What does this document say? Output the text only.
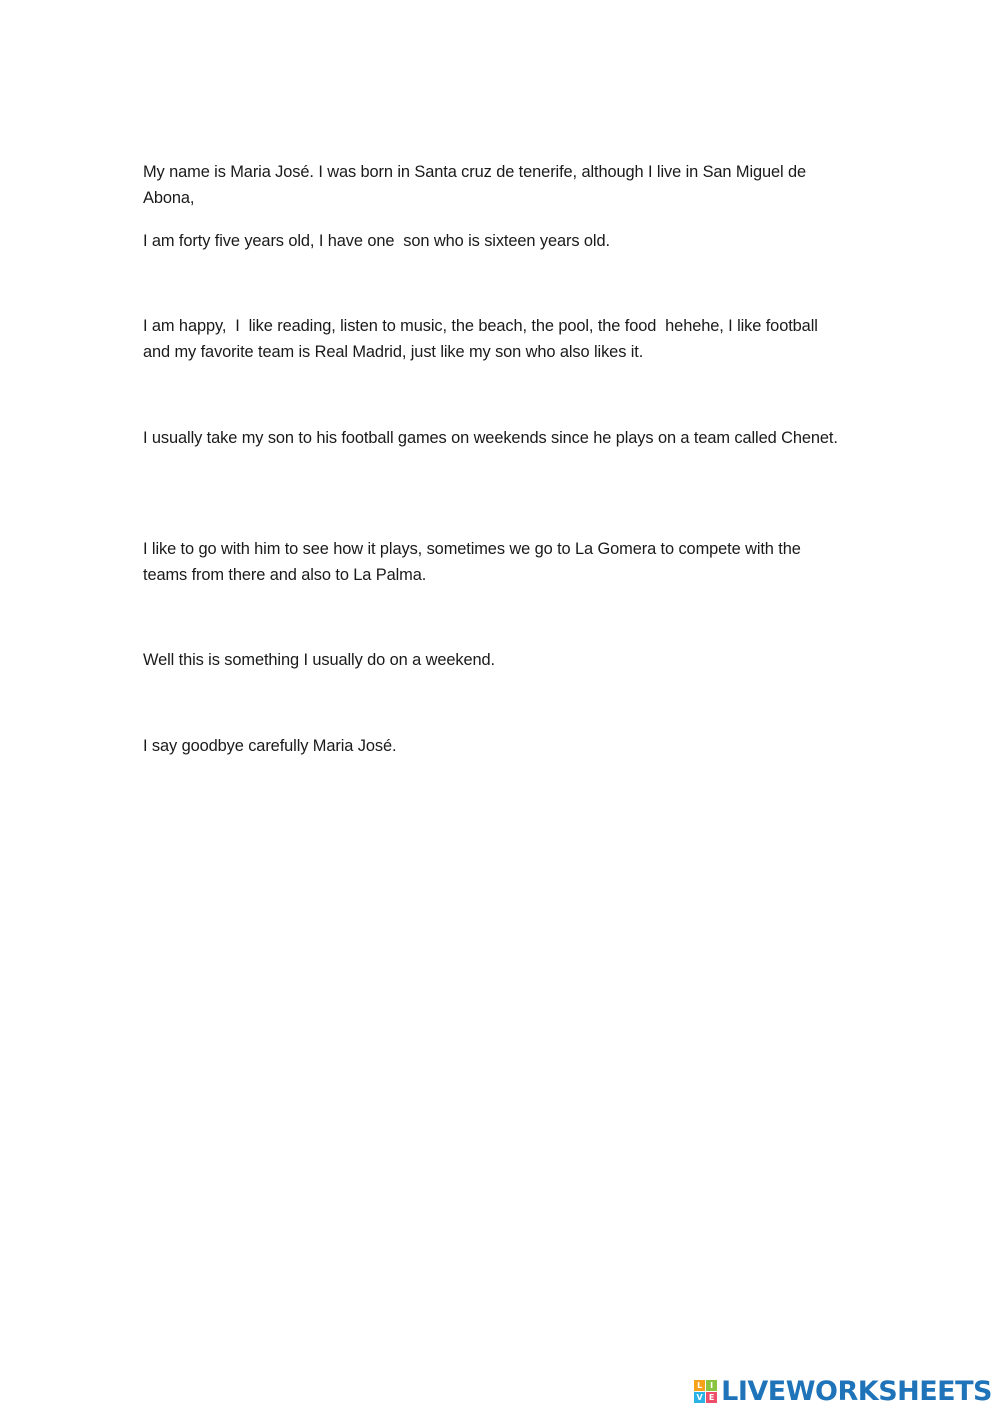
My name is Maria José. I was born in Santa cruz de tenerife, although I live in San Miguel de Abona,

I am forty five years old, I have one  son who is sixteen years old.

I am happy,  I  like reading, listen to music, the beach, the pool, the food  hehehe, I like football and my favorite team is Real Madrid, just like my son who also likes it.

I usually take my son to his football games on weekends since he plays on a team called Chenet.

I like to go with him to see how it plays, sometimes we go to La Gomera to compete with the teams from there and also to La Palma.

Well this is something I usually do on a weekend.

I say goodbye carefully Maria José.

L I
V E LIVEWORKSHEETS
